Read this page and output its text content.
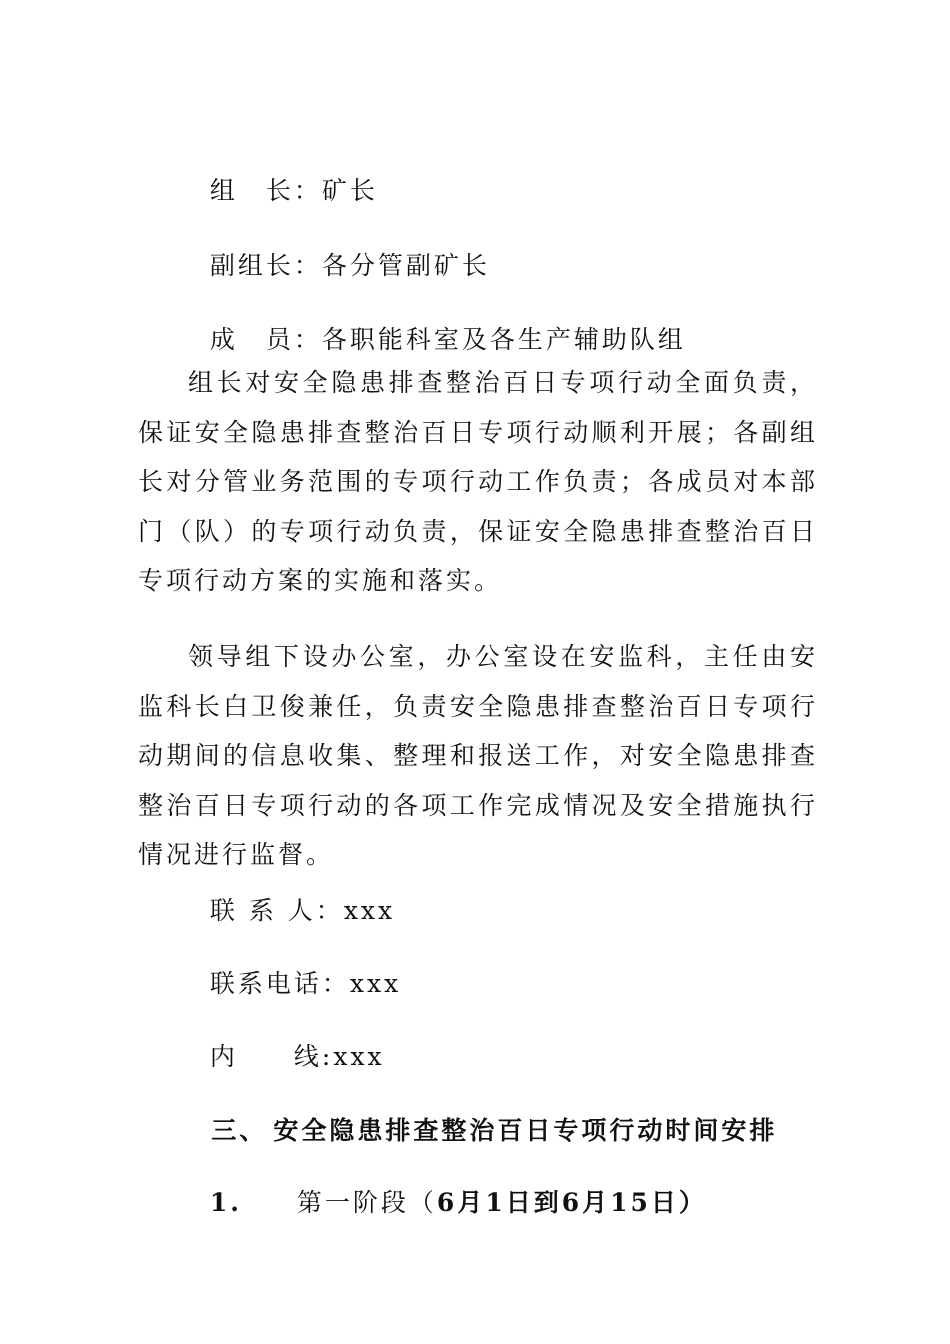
组　长：矿长

副组长：各分管副矿长

成　员：各职能科室及各生产辅助队组

组长对安全隐患排查整治百日专项行动全面负责，保证安全隐患排查整治百日专项行动顺利开展；各副组长对分管业务范围的专项行动工作负责；各成员对本部门（队）的专项行动负责，保证安全隐患排查整治百日专项行动方案的实施和落实。

领导组下设办公室，办公室设在安监科，主任由安监科长白卫俊兼任，负责安全隐患排查整治百日专项行动期间的信息收集、整理和报送工作，对安全隐患排查整治百日专项行动的各项工作完成情况及安全措施执行情况进行监督。

联 系 人：xxx

联系电话：xxx

内　　线:xxx

三、 安全隐患排查整治百日专项行动时间安排

1. 第一阶段（6月1日到6月15日）
